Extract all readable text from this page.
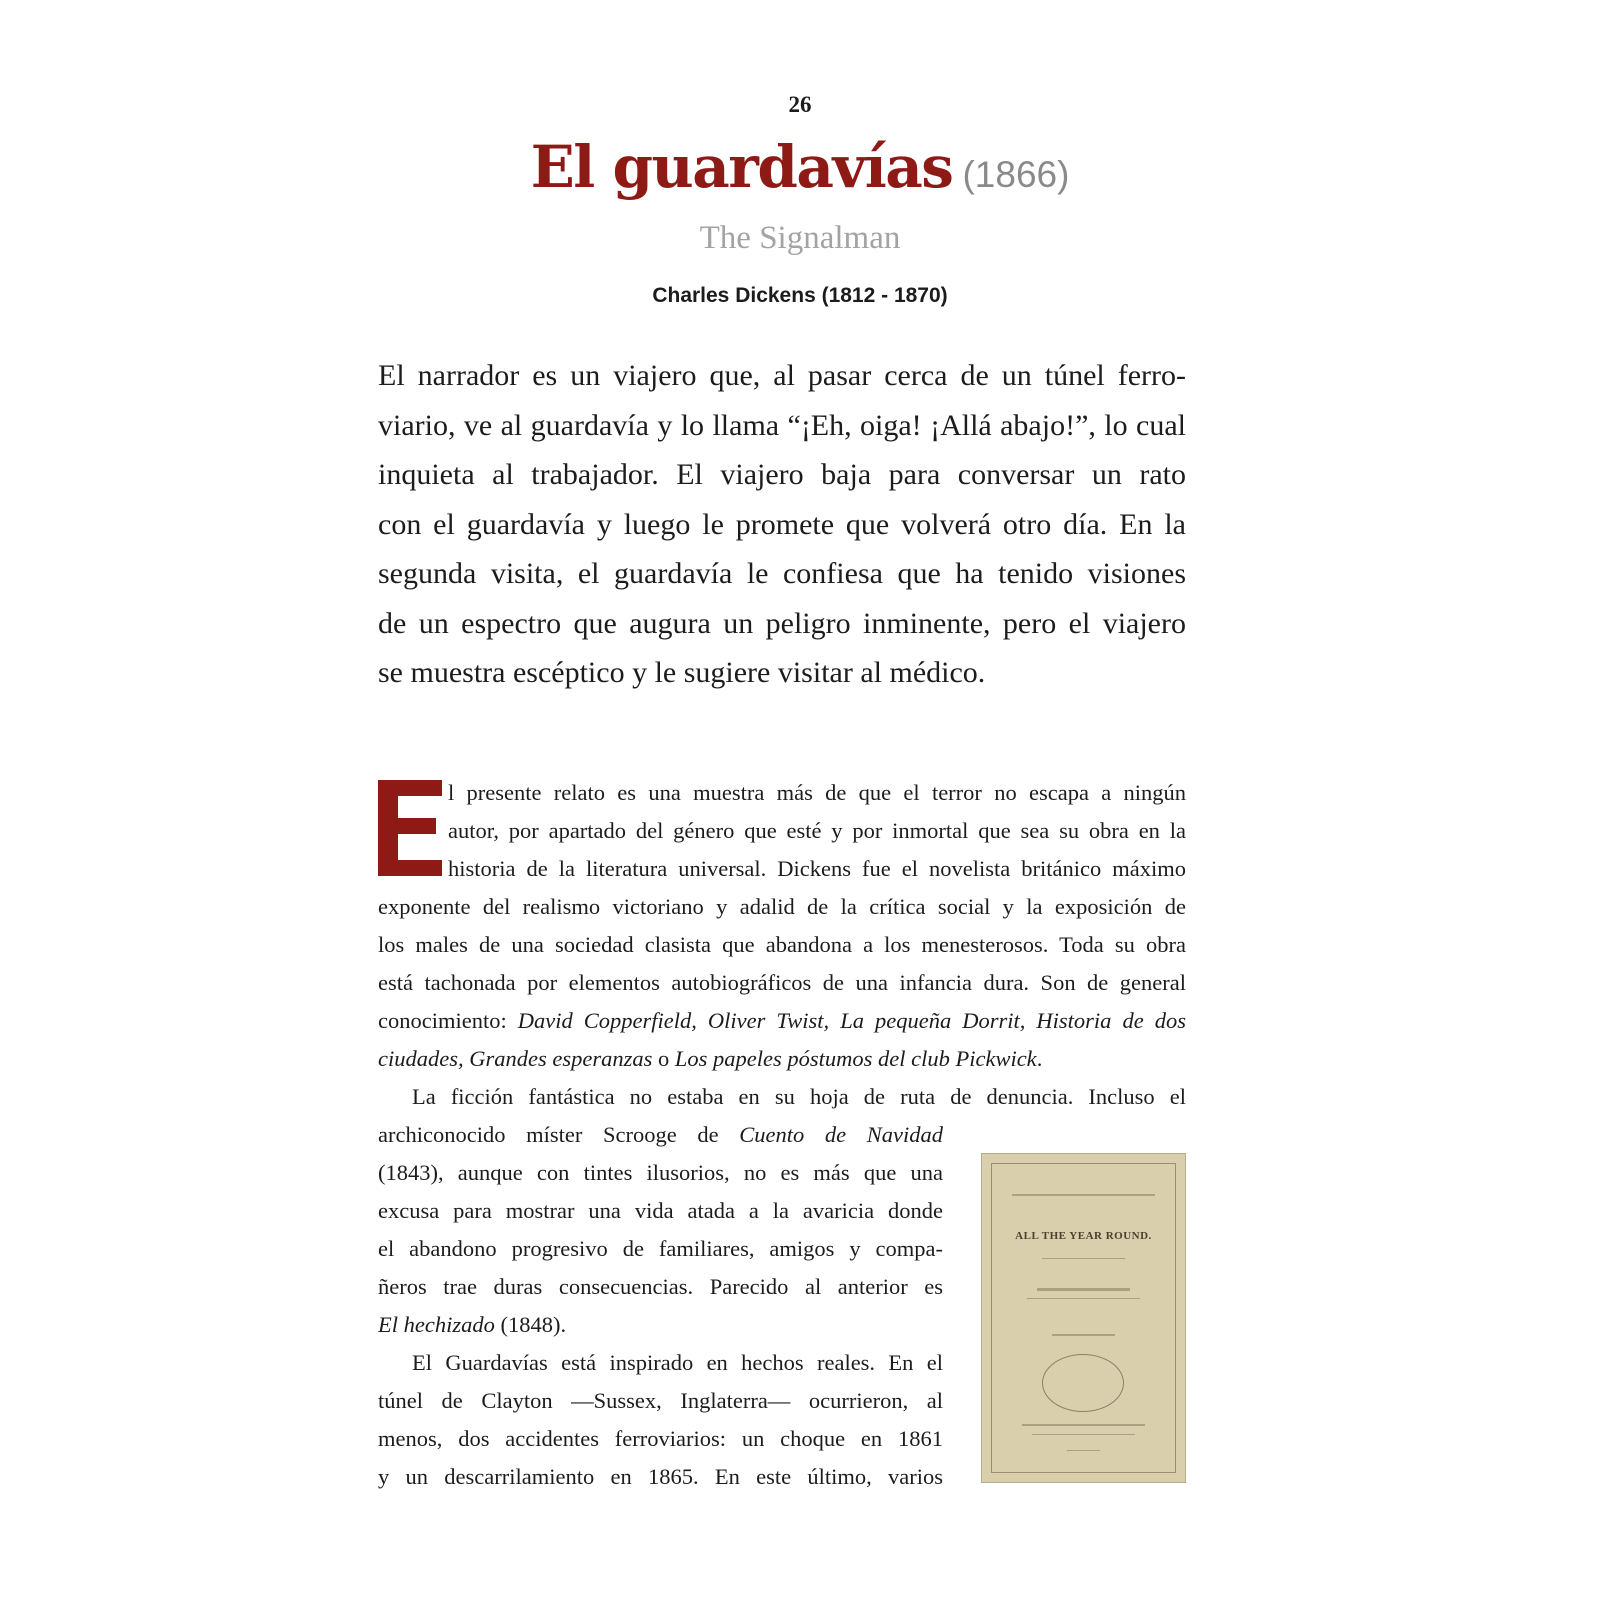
26
El guardavías (1866)
The Signalman
Charles Dickens (1812 - 1870)
El narrador es un viajero que, al pasar cerca de un túnel ferro-
viario, ve al guardavía y lo llama “¡Eh, oiga! ¡Allá abajo!”, lo cual
inquieta al trabajador. El viajero baja para conversar un rato
con el guardavía y luego le promete que volverá otro día. En la
segunda visita, el guardavía le confiesa que ha tenido visiones
de un espectro que augura un peligro inminente, pero el viajero
se muestra escéptico y le sugiere visitar al médico.
l presente relato es una muestra más de que el terror no escapa a ningún
autor, por apartado del género que esté y por inmortal que sea su obra en la
historia de la literatura universal. Dickens fue el novelista británico máximo
exponente del realismo victoriano y adalid de la crítica social y la exposición de
los males de una sociedad clasista que abandona a los menesterosos. Toda su obra
está tachonada por elementos autobiográficos de una infancia dura. Son de general
conocimiento: David Copperfield, Oliver Twist, La pequeña Dorrit, Historia de dos
ciudades, Grandes esperanzas o Los papeles póstumos del club Pickwick.
La ficción fantástica no estaba en su hoja de ruta de denuncia. Incluso el
archiconocido míster Scrooge de Cuento de Navidad
(1843), aunque con tintes ilusorios, no es más que una
excusa para mostrar una vida atada a la avaricia donde
el abandono progresivo de familiares, amigos y compa-
ñeros trae duras consecuencias. Parecido al anterior es
El hechizado (1848).
El Guardavías está inspirado en hechos reales. En el
túnel de Clayton —Sussex, Inglaterra— ocurrieron, al
menos, dos accidentes ferroviarios: un choque en 1861
y un descarrilamiento en 1865. En este último, varios
ALL THE YEAR ROUND.
